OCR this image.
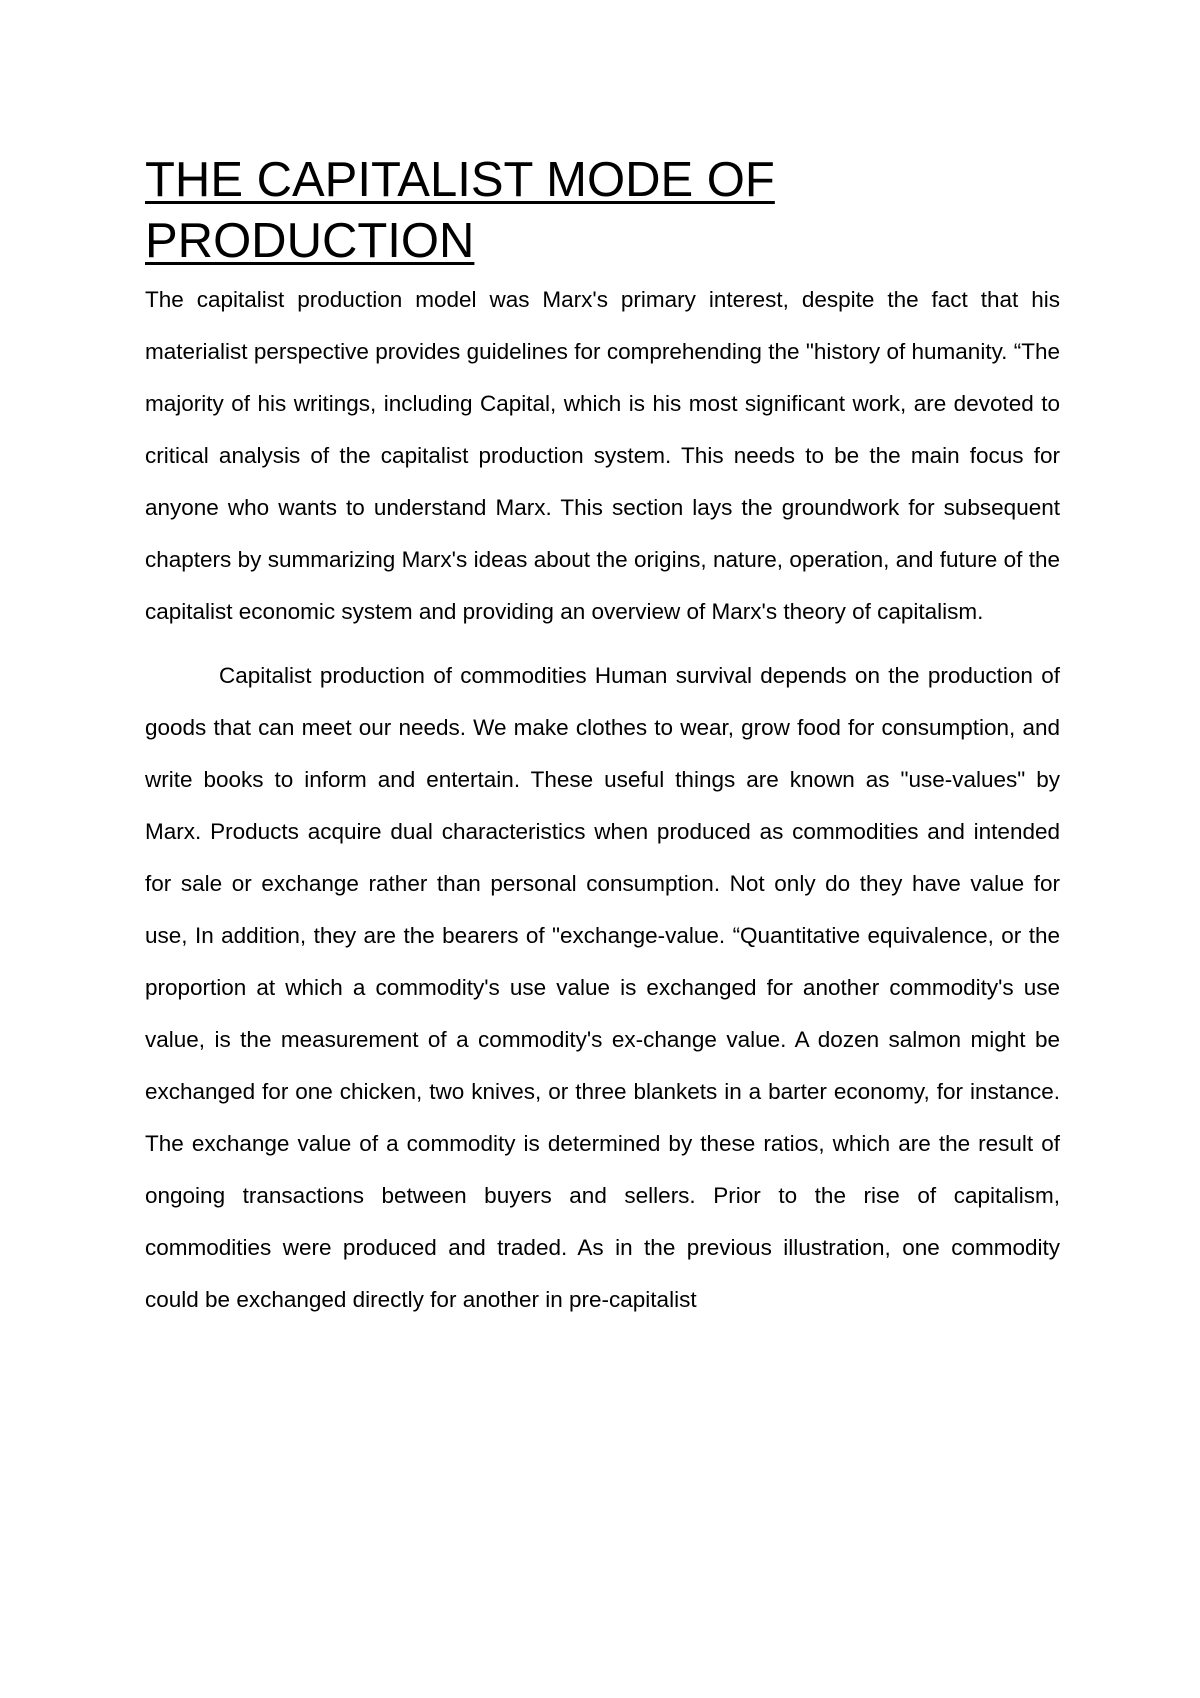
THE CAPITALIST MODE OF PRODUCTION

The capitalist production model was Marx's primary interest, despite the fact that his materialist perspective provides guidelines for comprehending the "history of humanity. “The majority of his writings, including Capital, which is his most significant work, are devoted to critical analysis of the capitalist production system. This needs to be the main focus for anyone who wants to understand Marx. This section lays the groundwork for subsequent chapters by summarizing Marx's ideas about the origins, nature, operation, and future of the capitalist economic system and providing an overview of Marx's theory of capitalism.

Capitalist production of commodities Human survival depends on the production of goods that can meet our needs. We make clothes to wear, grow food for consumption, and write books to inform and entertain. These useful things are known as "use-values" by Marx. Products acquire dual characteristics when produced as commodities and intended for sale or exchange rather than personal consumption. Not only do they have value for use, In addition, they are the bearers of "exchange-value. “Quantitative equivalence, or the proportion at which a commodity's use value is exchanged for another commodity's use value, is the measurement of a commodity's ex-change value. A dozen salmon might be exchanged for one chicken, two knives, or three blankets in a barter economy, for instance. The exchange value of a commodity is determined by these ratios, which are the result of ongoing transactions between buyers and sellers. Prior to the rise of capitalism, commodities were produced and traded. As in the previous illustration, one commodity could be exchanged directly for another in pre-capitalist
